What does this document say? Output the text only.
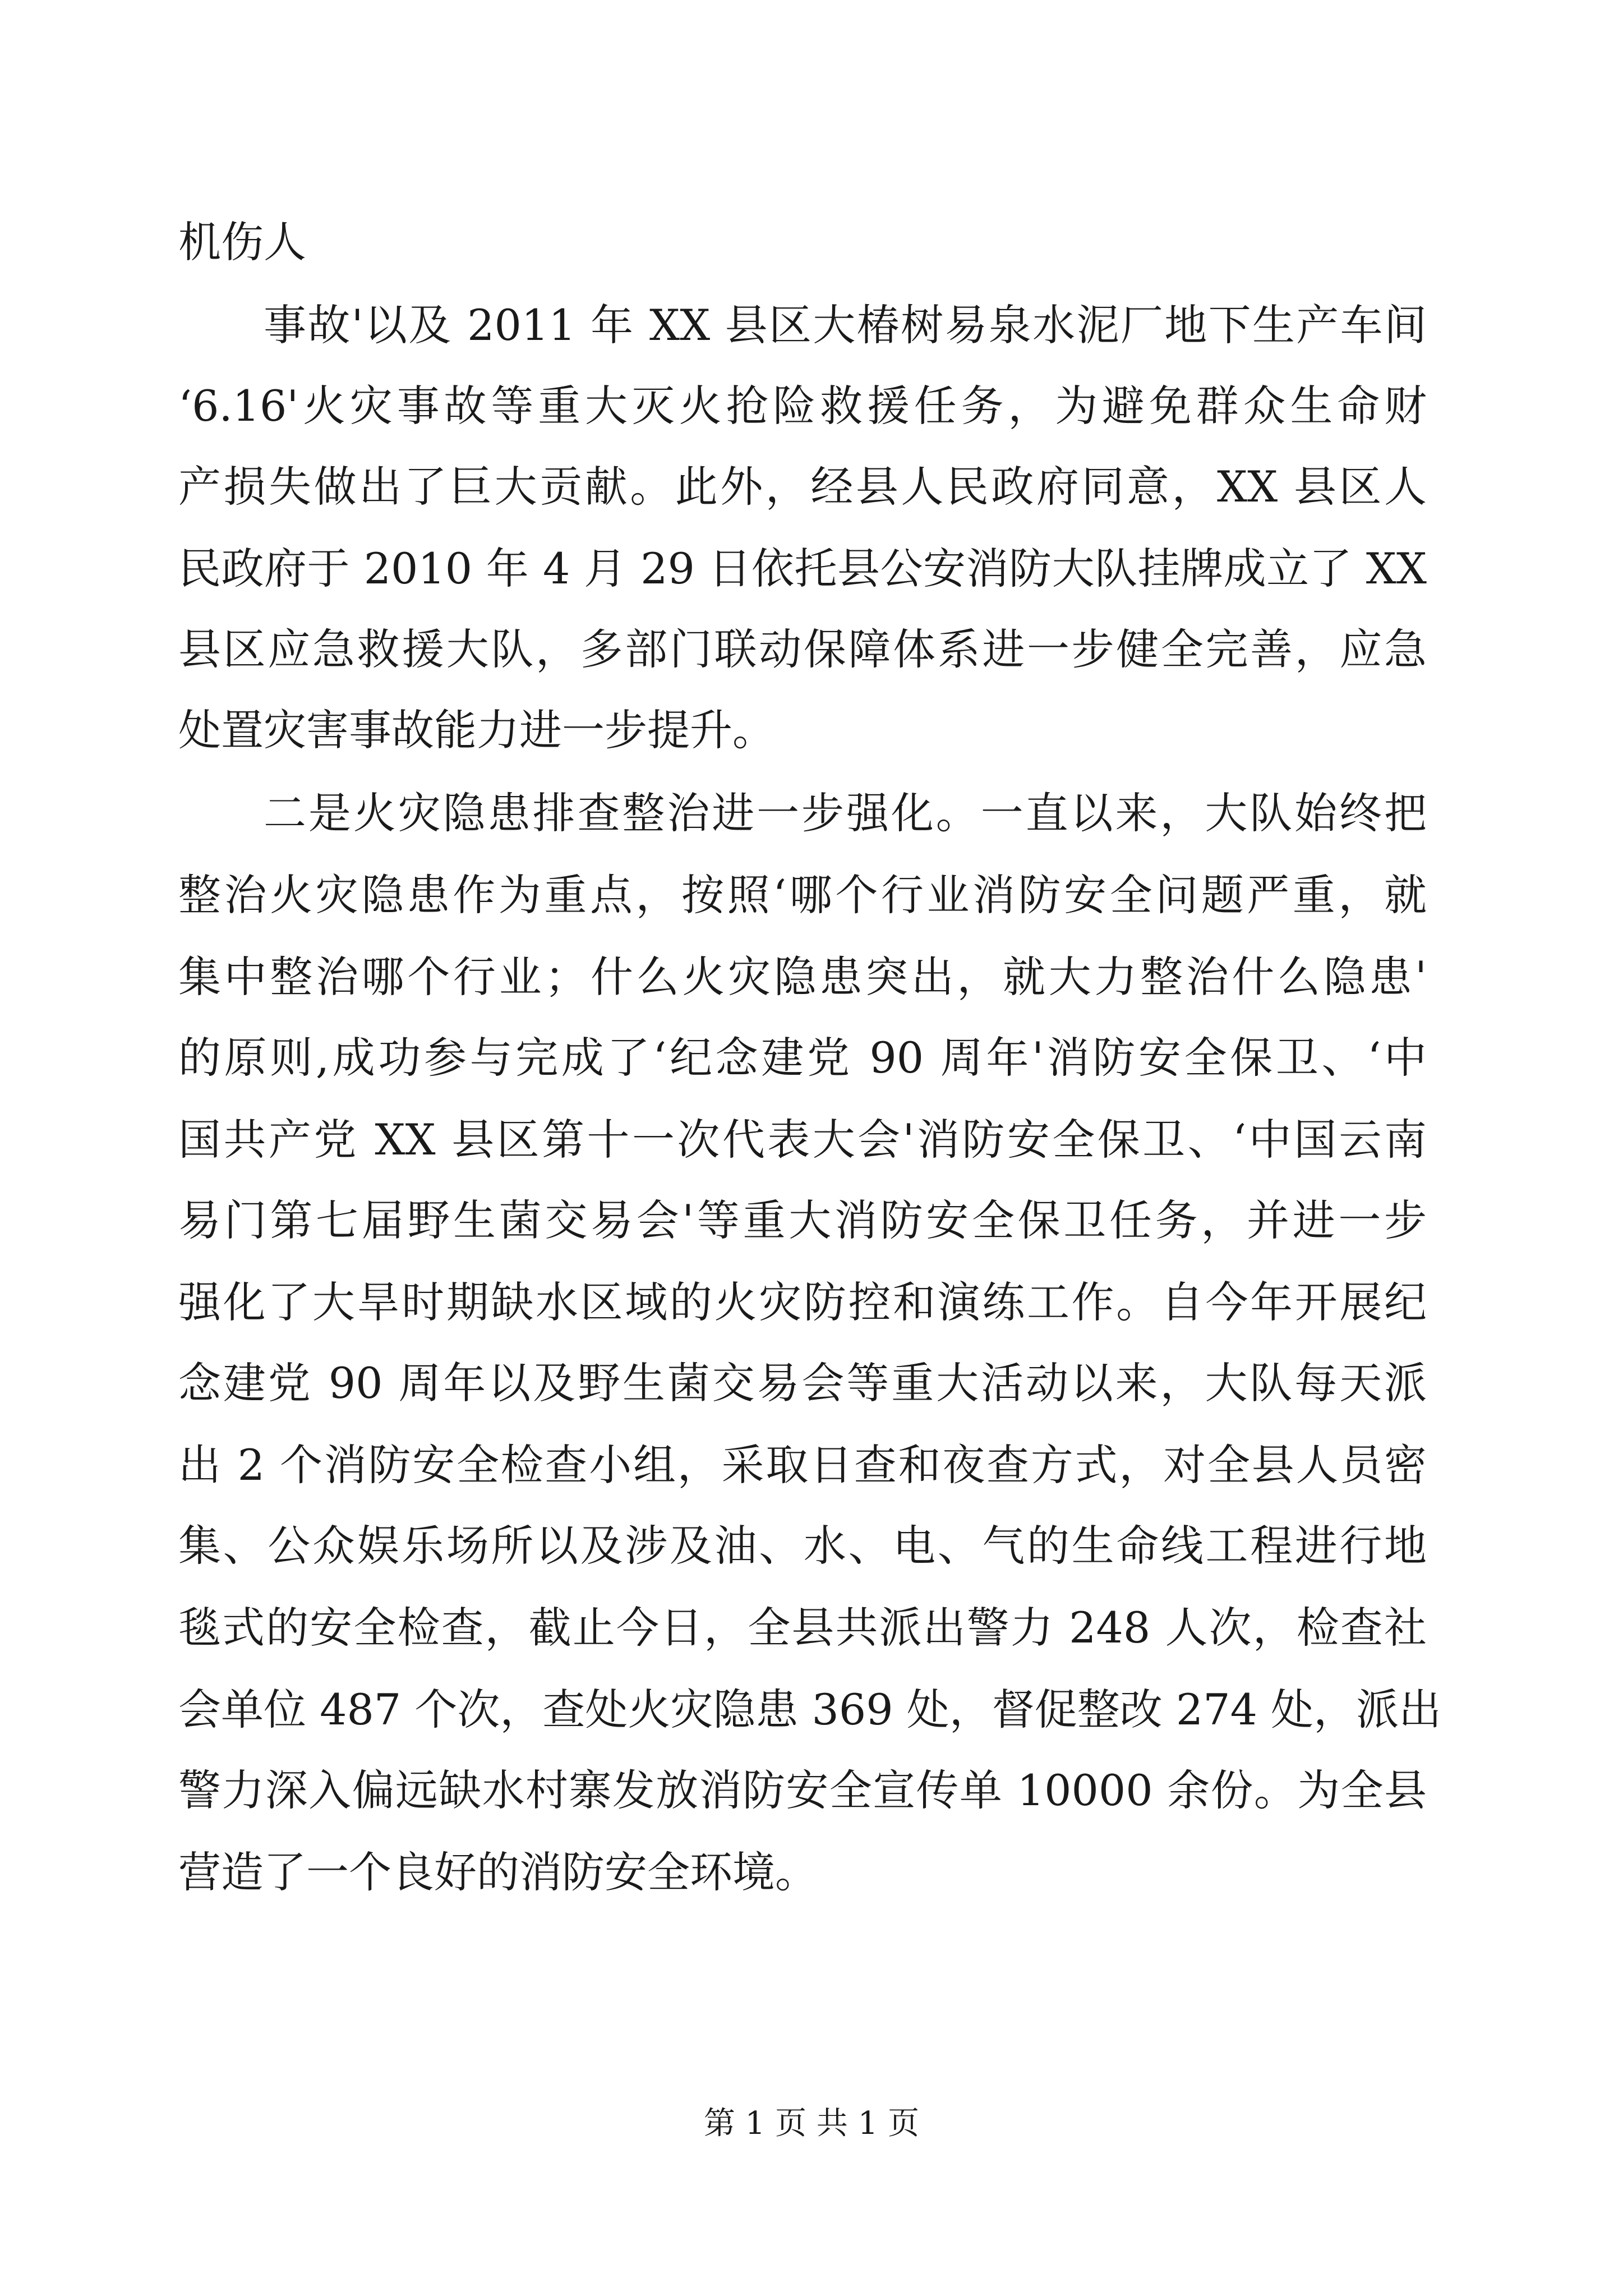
机伤人

事故'以及 2011 年 XX 县区大椿树易泉水泥厂地下生产车间

‘6.16'火灾事故等重大灭火抢险救援任务，为避免群众生命财

产损失做出了巨大贡献。此外，经县人民政府同意，XX 县区人

民政府于 2010 年 4 月 29 日依托县公安消防大队挂牌成立了 XX

县区应急救援大队，多部门联动保障体系进一步健全完善，应急

处置灾害事故能力进一步提升。

二是火灾隐患排查整治进一步强化。一直以来，大队始终把

整治火灾隐患作为重点，按照‘哪个行业消防安全问题严重，就

集中整治哪个行业；什么火灾隐患突出，就大力整治什么隐患'

的原则,成功参与完成了‘纪念建党 90 周年'消防安全保卫、‘中

国共产党 XX 县区第十一次代表大会'消防安全保卫、‘中国云南

易门第七届野生菌交易会'等重大消防安全保卫任务，并进一步

强化了大旱时期缺水区域的火灾防控和演练工作。自今年开展纪

念建党 90 周年以及野生菌交易会等重大活动以来，大队每天派

出 2 个消防安全检查小组，采取日查和夜查方式，对全县人员密

集、公众娱乐场所以及涉及油、水、电、气的生命线工程进行地

毯式的安全检查，截止今日，全县共派出警力 248 人次，检查社

会单位 487 个次，查处火灾隐患 369 处，督促整改 274 处，派出

警力深入偏远缺水村寨发放消防安全宣传单 10000 余份。为全县

营造了一个良好的消防安全环境。

第 1 页 共 1 页
